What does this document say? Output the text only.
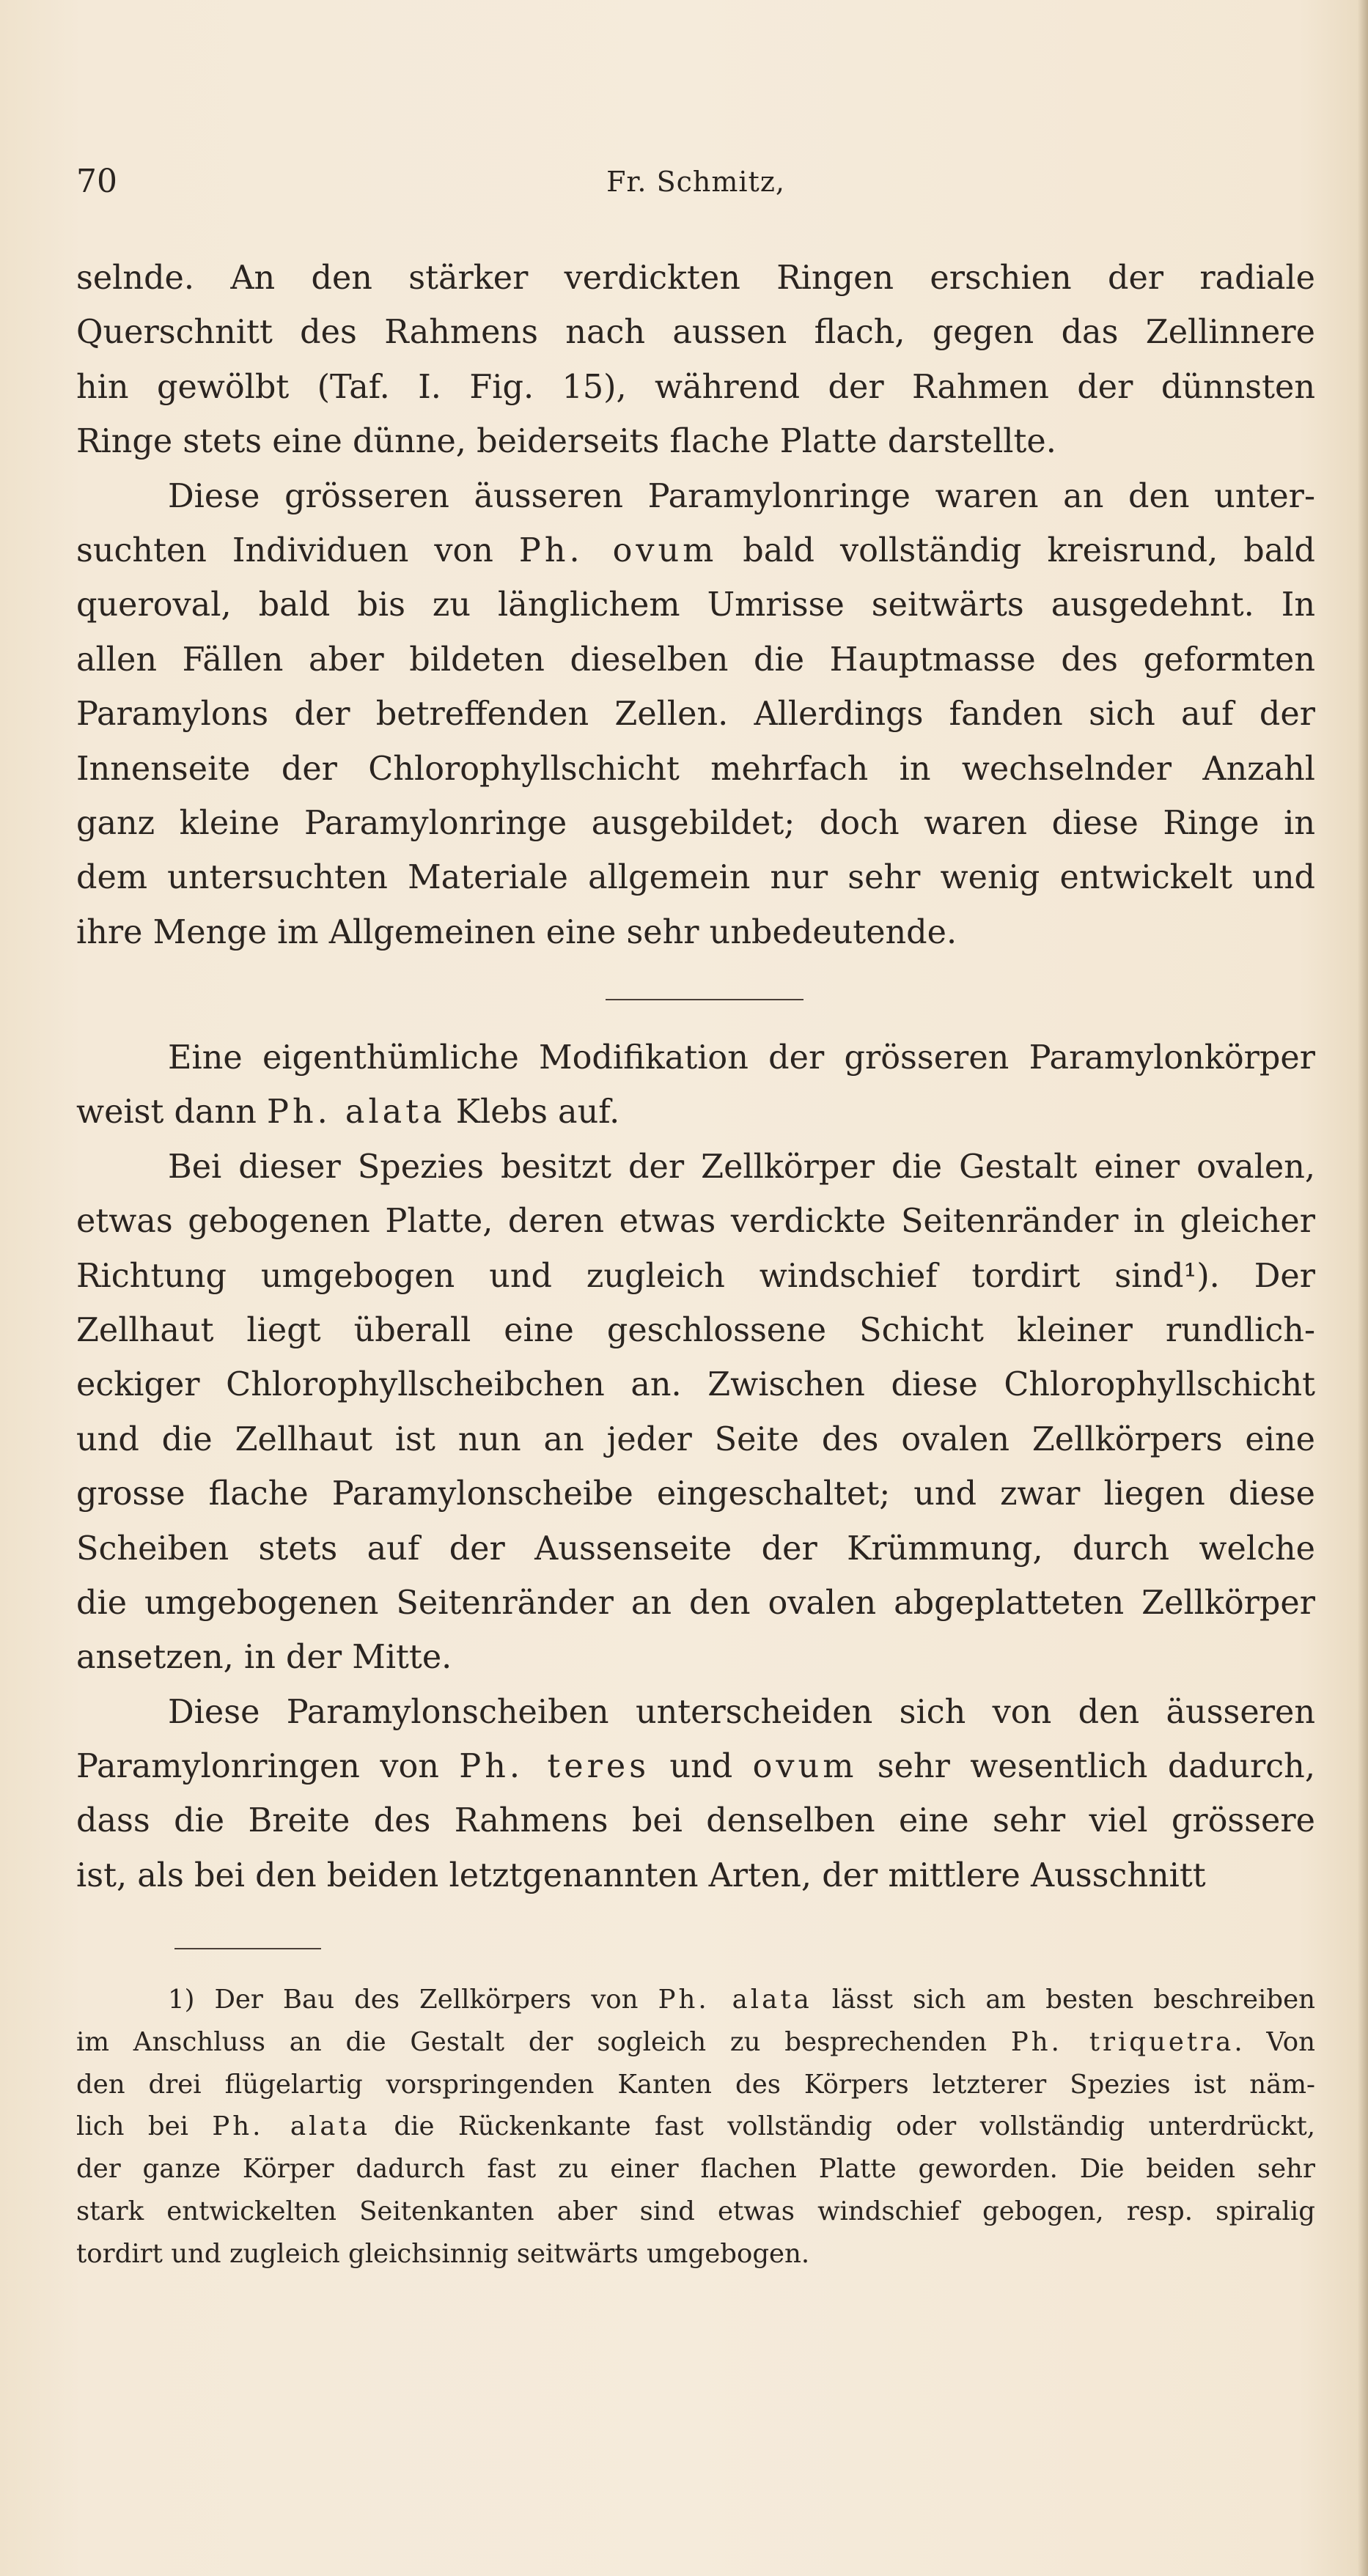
Fr. Schmitz,
70
selnde. An den stärker verdickten Ringen erschien der radiale
Querschnitt des Rahmens nach aussen flach, gegen das Zellinnere
hin gewölbt (Taf. I. Fig. 15), während der Rahmen der dünnsten
Ringe stets eine dünne, beiderseits flache Platte darstellte.
Diese grösseren äusseren Paramylonringe waren an den unter-
suchten Individuen von Ph. ovum bald vollständig kreisrund, bald
queroval, bald bis zu länglichem Umrisse seitwärts ausgedehnt. In
allen Fällen aber bildeten dieselben die Hauptmasse des geformten
Paramylons der betreffenden Zellen. Allerdings fanden sich auf der
Innenseite der Chlorophyllschicht mehrfach in wechselnder Anzahl
ganz kleine Paramylonringe ausgebildet; doch waren diese Ringe in
dem untersuchten Materiale allgemein nur sehr wenig entwickelt und
ihre Menge im Allgemeinen eine sehr unbedeutende.
Eine eigenthümliche Modifikation der grösseren Paramylonkörper
weist dann Ph. alata Klebs auf.
Bei dieser Spezies besitzt der Zellkörper die Gestalt einer ovalen,
etwas gebogenen Platte, deren etwas verdickte Seitenränder in gleicher
Richtung umgebogen und zugleich windschief tordirt sind¹). Der
Zellhaut liegt überall eine geschlossene Schicht kleiner rundlich-
eckiger Chlorophyllscheibchen an. Zwischen diese Chlorophyllschicht
und die Zellhaut ist nun an jeder Seite des ovalen Zellkörpers eine
grosse flache Paramylonscheibe eingeschaltet; und zwar liegen diese
Scheiben stets auf der Aussenseite der Krümmung, durch welche
die umgebogenen Seitenränder an den ovalen abgeplatteten Zellkörper
ansetzen, in der Mitte.
Diese Paramylonscheiben unterscheiden sich von den äusseren
Paramylonringen von Ph. teres und ovum sehr wesentlich dadurch,
dass die Breite des Rahmens bei denselben eine sehr viel grössere
ist, als bei den beiden letztgenannten Arten, der mittlere Ausschnitt
1) Der Bau des Zellkörpers von Ph. alata lässt sich am besten beschreiben
im Anschluss an die Gestalt der sogleich zu besprechenden Ph. triquetra. Von
den drei flügelartig vorspringenden Kanten des Körpers letzterer Spezies ist näm-
lich bei Ph. alata die Rückenkante fast vollständig oder vollständig unterdrückt,
der ganze Körper dadurch fast zu einer flachen Platte geworden. Die beiden sehr
stark entwickelten Seitenkanten aber sind etwas windschief gebogen, resp. spiralig
tordirt und zugleich gleichsinnig seitwärts umgebogen.
